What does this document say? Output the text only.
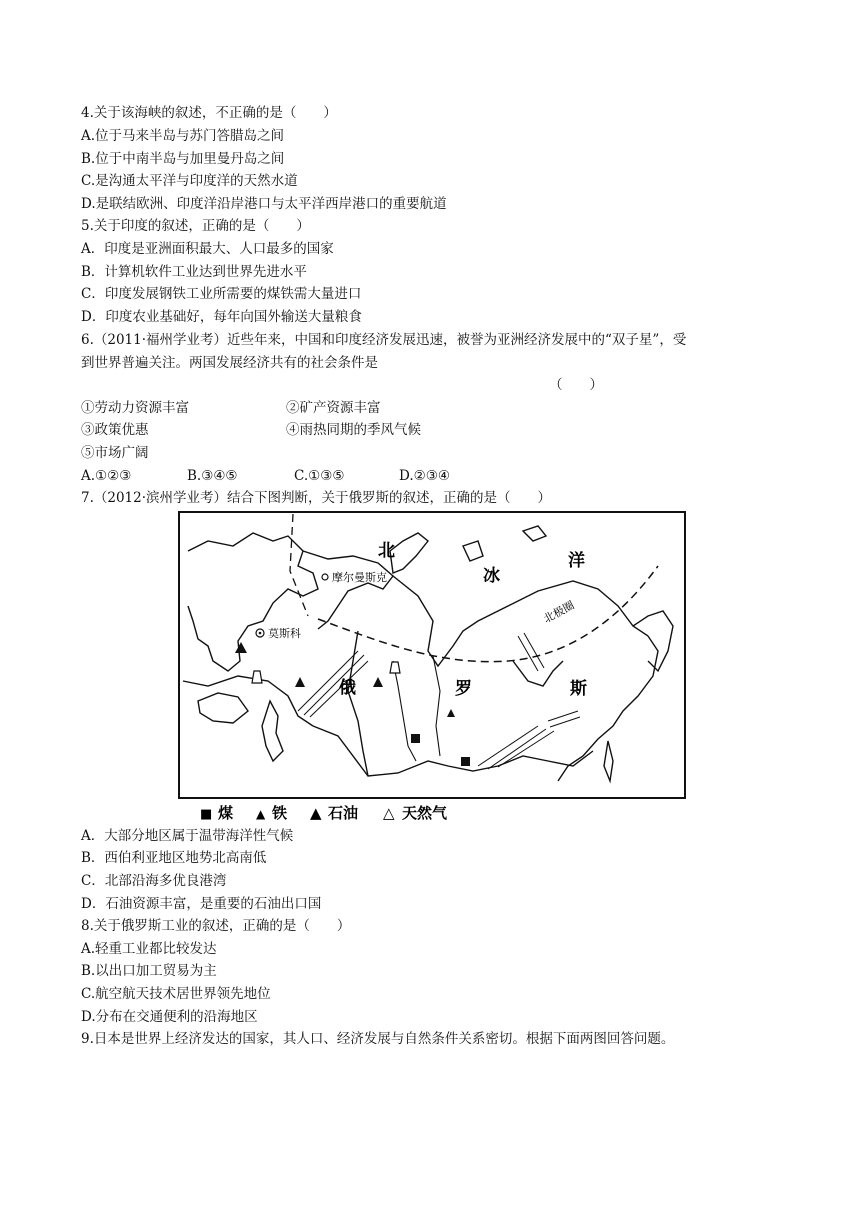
4.关于该海峡的叙述，不正确的是（　　）
A.位于马来半岛与苏门答腊岛之间
B.位于中南半岛与加里曼丹岛之间
C.是沟通太平洋与印度洋的天然水道
D.是联结欧洲、印度洋沿岸港口与太平洋西岸港口的重要航道
5.关于印度的叙述，正确的是（　　）
A．印度是亚洲面积最大、人口最多的国家
B．计算机软件工业达到世界先进水平
C．印度发展钢铁工业所需要的煤铁需大量进口
D．印度农业基础好，每年向国外输送大量粮食
6.（2011·福州学业考）近些年来，中国和印度经济发展迅速，被誉为亚洲经济发展中的“双子星”，受
到世界普遍关注。两国发展经济共有的社会条件是
（　　）
①劳动力资源丰富	②矿产资源丰富
③政策优惠	④雨热同期的季风气候
⑤市场广阔
A.①②③	B.③④⑤	C.①③⑤	D.②③④
7.（2012·滨州学业考）结合下图判断，关于俄罗斯的叙述，正确的是（　　）
北
冰
洋
俄	罗	斯
摩尔曼斯克
莫斯科
北极圈
■ 煤 ▲ 铁 ▲ 石油 △ 天然气
A．大部分地区属于温带海洋性气候
B．西伯利亚地区地势北高南低
C．北部沿海多优良港湾
D．石油资源丰富，是重要的石油出口国
8.关于俄罗斯工业的叙述，正确的是（　　）
A.轻重工业都比较发达
B.以出口加工贸易为主
C.航空航天技术居世界领先地位
D.分布在交通便利的沿海地区
9.日本是世界上经济发达的国家，其人口、经济发展与自然条件关系密切。根据下面两图回答问题。
